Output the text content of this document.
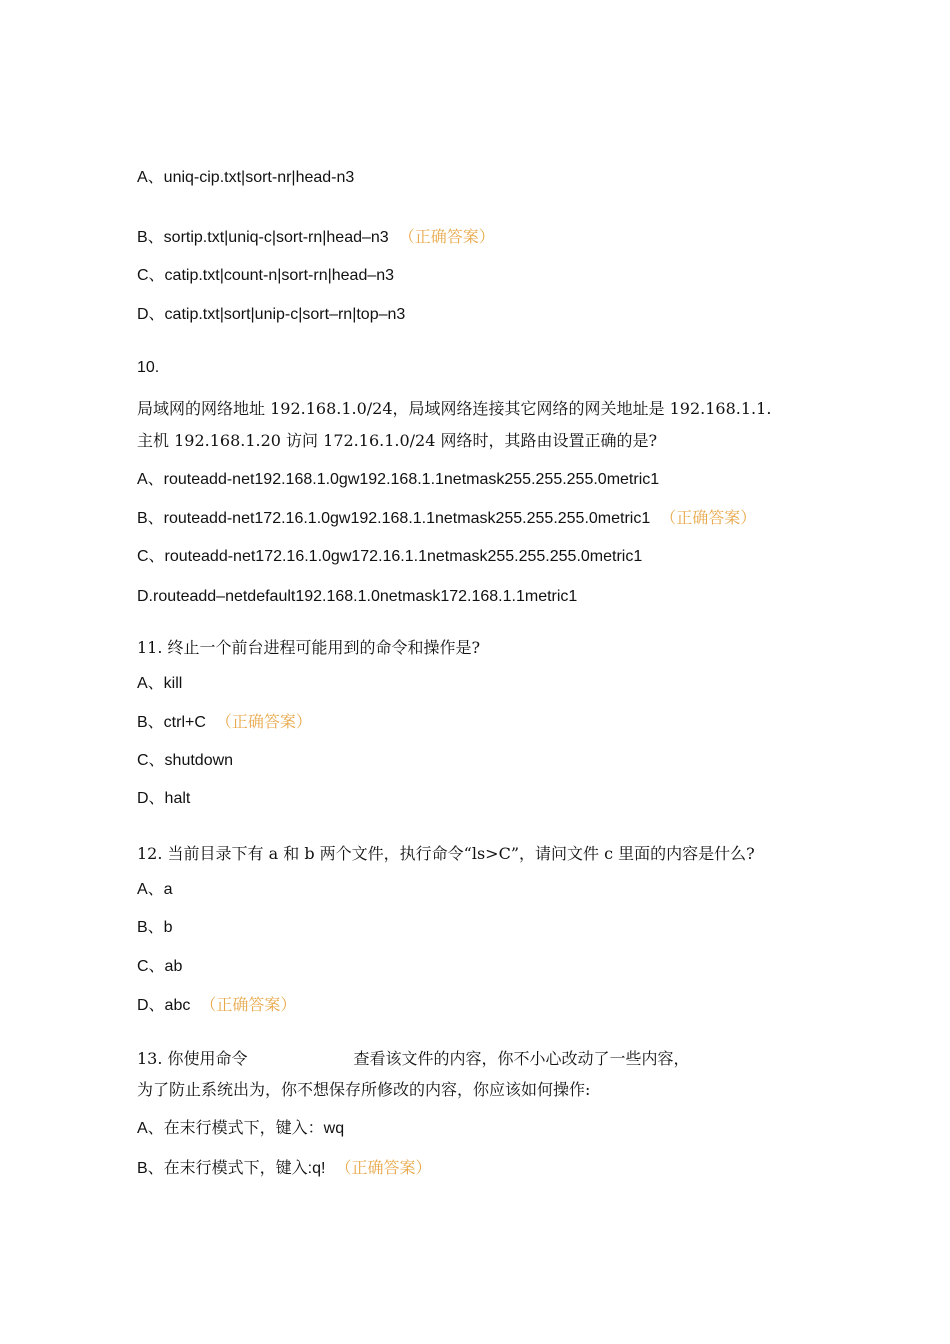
A、uniq-cip.txt|sort-nr|head-n3
B、sortip.txt|uniq-c|sort-rn|head–n3 （正确答案）
C、catip.txt|count-n|sort-rn|head–n3
D、catip.txt|sort|unip-c|sort–rn|top–n3
10.
局域网的网络地址 192.168.1.0/24，局域网络连接其它网络的网关地址是 192.168.1.1.
主机 192.168.1.20 访问 172.16.1.0/24 网络时，其路由设置正确的是?
A、routeadd-net192.168.1.0gw192.168.1.1netmask255.255.255.0metric1
B、routeadd-net172.16.1.0gw192.168.1.1netmask255.255.255.0metric1 （正确答案）
C、routeadd-net172.16.1.0gw172.16.1.1netmask255.255.255.0metric1
D.routeadd–netdefault192.168.1.0netmask172.168.1.1metric1
11. 终止一个前台进程可能用到的命令和操作是?
A、kill
B、ctrl+C （正确答案）
C、shutdown
D、halt
12. 当前目录下有 a 和 b 两个文件，执行命令“ls>C”，请问文件 c 里面的内容是什么?
A、a
B、b
C、ab
D、abc （正确答案）
13. 你使用命令	查看该文件的内容，你不小心改动了一些内容，
为了防止系统出为，你不想保存所修改的内容，你应该如何操作:
A、在末行模式下，键入：wq
B、在末行模式下，键入:q! （正确答案）
